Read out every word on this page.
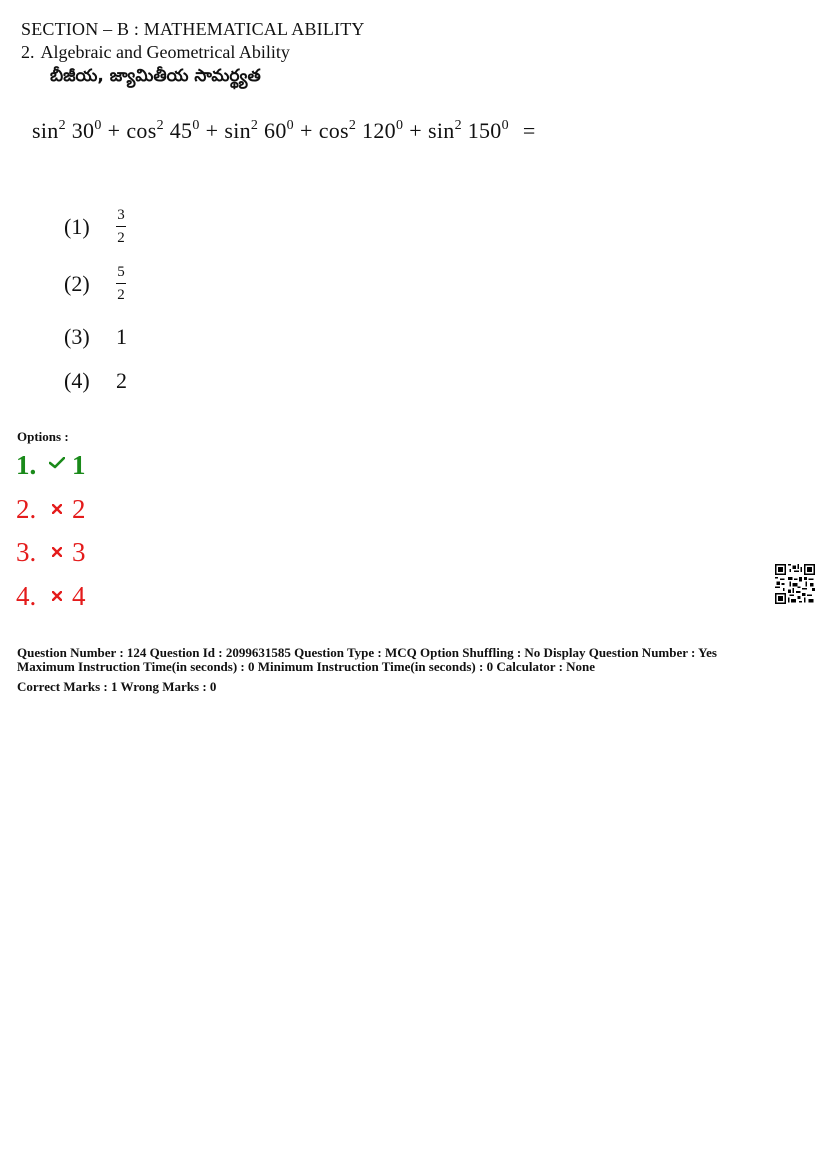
SECTION – B : MATHEMATICAL ABILITY
2. Algebraic and Geometrical Ability
బీజీయ, జ్యామితీయ సామర్థ్యత
$\sin^2 30^0 + \cos^2 45^0 + \sin^2 60^0 + \cos^2 120^0 + \sin^2 150^0$ =
(1)	$\frac{3}{2}$
(2)	$\frac{5}{2}$
(3)	1
(4)	2
Options :
1.	1
2.	2
3.	3
4.	4
Question Number : 124 Question Id : 2099631585 Question Type : MCQ Option Shuffling : No Display Question Number : Yes
Maximum Instruction Time(in seconds) : 0 Minimum Instruction Time(in seconds) : 0 Calculator : None
Correct Marks : 1 Wrong Marks : 0
